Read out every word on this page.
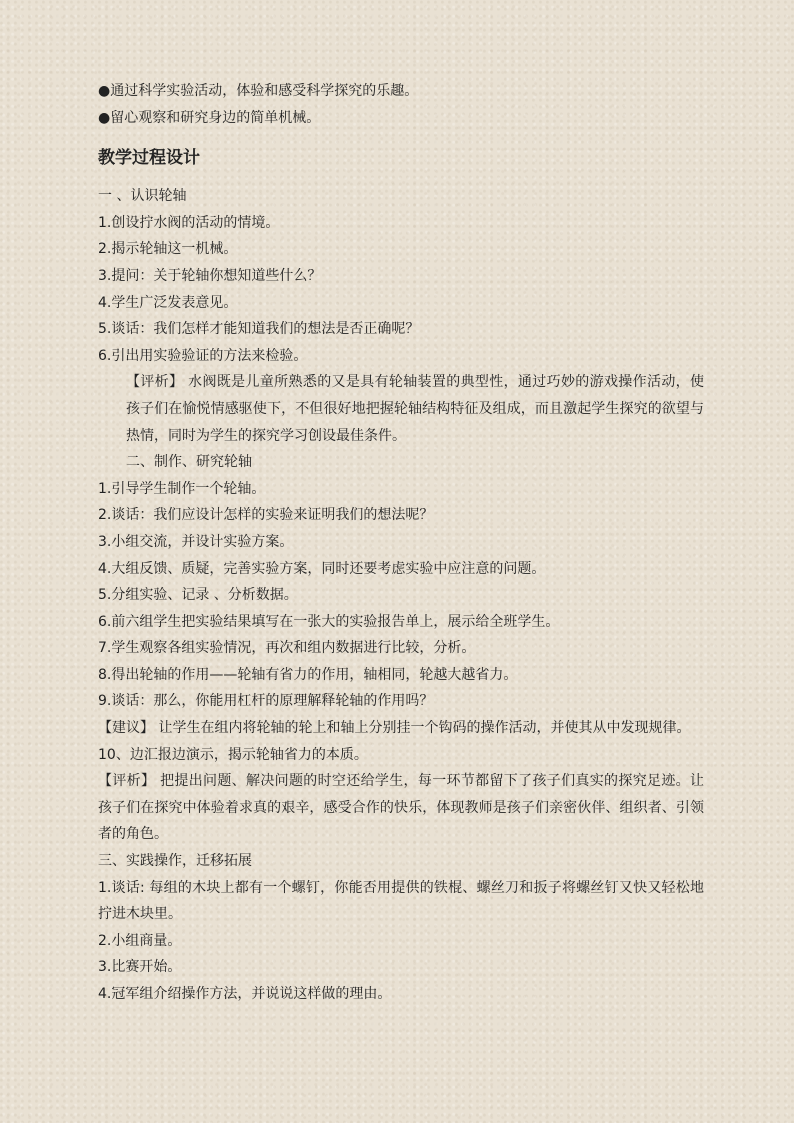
●通过科学实验活动，体验和感受科学探究的乐趣。

●留心观察和研究身边的简单机械。

教学过程设计

一 、认识轮轴

1.创设拧水阀的活动的情境。

2.揭示轮轴这一机械。

3.提问：关于轮轴你想知道些什么？

4.学生广泛发表意见。

5.谈话：我们怎样才能知道我们的想法是否正确呢？

6.引出用实验验证的方法来检验。

【评析】 水阀既是儿童所熟悉的又是具有轮轴装置的典型性，通过巧妙的游戏操作活动，使孩子们在愉悦情感驱使下，不但很好地把握轮轴结构特征及组成，而且激起学生探究的欲望与热情，同时为学生的探究学习创设最佳条件。

二、制作、研究轮轴

1.引导学生制作一个轮轴。

2.谈话：我们应设计怎样的实验来证明我们的想法呢？

3.小组交流，并设计实验方案。

4.大组反馈、质疑，完善实验方案，同时还要考虑实验中应注意的问题。

5.分组实验、记录 、分析数据。

6.前六组学生把实验结果填写在一张大的实验报告单上，展示给全班学生。

7.学生观察各组实验情况，再次和组内数据进行比较，分析。

8.得出轮轴的作用——轮轴有省力的作用，轴相同，轮越大越省力。

9.谈话：那么，你能用杠杆的原理解释轮轴的作用吗？

【建议】 让学生在组内将轮轴的轮上和轴上分别挂一个钩码的操作活动，并使其从中发现规律。

10、边汇报边演示，揭示轮轴省力的本质。

【评析】 把提出问题、解决问题的时空还给学生，每一环节都留下了孩子们真实的探究足迹。让孩子们在探究中体验着求真的艰辛，感受合作的快乐，体现教师是孩子们亲密伙伴、组织者、引领者的角色。

三、实践操作，迁移拓展

1.谈话: 每组的木块上都有一个螺钉，你能否用提供的铁棍、螺丝刀和扳子将螺丝钉又快又轻松地拧进木块里。

2.小组商量。

3.比赛开始。

4.冠军组介绍操作方法，并说说这样做的理由。
